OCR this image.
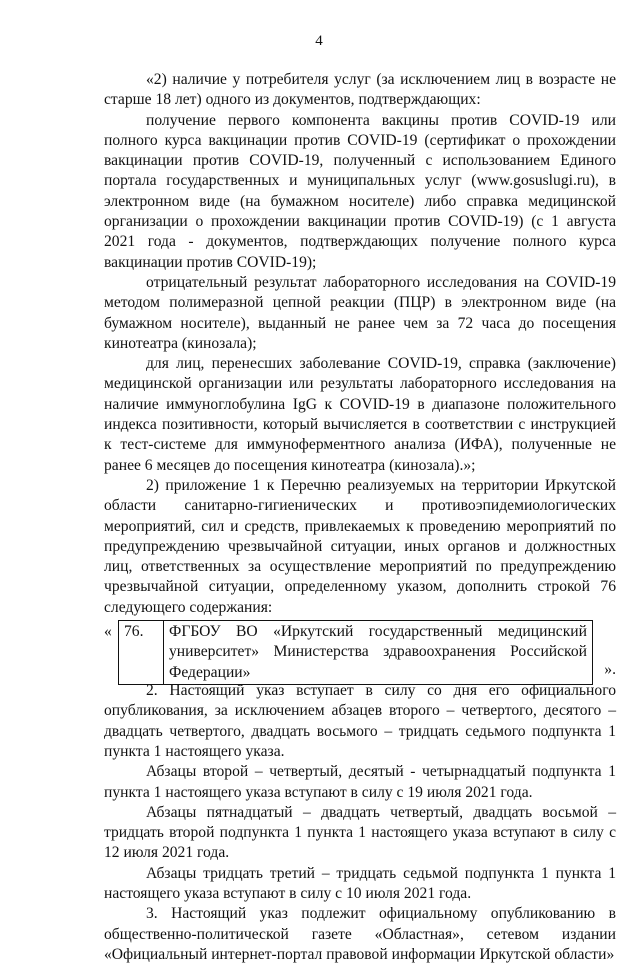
4

«2) наличие у потребителя услуг (за исключением лиц в возрасте не старше 18 лет) одного из документов, подтверждающих:

получение первого компонента вакцины против COVID-19 или полного курса вакцинации против COVID-19 (сертификат о прохождении вакцинации против COVID-19, полученный с использованием Единого портала государственных и муниципальных услуг (www.gosuslugi.ru), в электронном виде (на бумажном носителе) либо справка медицинской организации о прохождении вакцинации против COVID-19) (с 1 августа 2021 года - документов, подтверждающих получение полного курса вакцинации против COVID-19);

отрицательный результат лабораторного исследования на COVID-19 методом полимеразной цепной реакции (ПЦР) в электронном виде (на бумажном носителе), выданный не ранее чем за 72 часа до посещения кинотеатра (кинозала);

для лиц, перенесших заболевание COVID-19, справка (заключение) медицинской организации или результаты лабораторного исследования на наличие иммуноглобулина IgG к COVID-19 в диапазоне положительного индекса позитивности, который вычисляется в соответствии с инструкцией к тест-системе для иммуноферментного анализа (ИФА), полученные не ранее 6 месяцев до посещения кинотеатра (кинозала).»;

2) приложение 1 к Перечню реализуемых на территории Иркутской области санитарно-гигиенических и противоэпидемиологических мероприятий, сил и средств, привлекаемых к проведению мероприятий по предупреждению чрезвычайной ситуации, иных органов и должностных лиц, ответственных за осуществление мероприятий по предупреждению чрезвычайной ситуации, определенному указом, дополнить строкой 76 следующего содержания:

« 76.	ФГБОУ ВО «Иркутский государственный медицинский университет» Министерства здравоохранения Российской Федерации»	».

2. Настоящий указ вступает в силу со дня его официального опубликования, за исключением абзацев второго – четвертого, десятого – двадцать четвертого, двадцать восьмого – тридцать седьмого подпункта 1 пункта 1 настоящего указа.

Абзацы второй – четвертый, десятый - четырнадцатый подпункта 1 пункта 1 настоящего указа вступают в силу с 19 июля 2021 года.

Абзацы пятнадцатый – двадцать четвертый, двадцать восьмой – тридцать второй подпункта 1 пункта 1 настоящего указа вступают в силу с 12 июля 2021 года.

Абзацы тридцать третий – тридцать седьмой подпункта 1 пункта 1 настоящего указа вступают в силу с 10 июля 2021 года.

3. Настоящий указ подлежит официальному опубликованию в общественно-политической газете «Областная», сетевом издании «Официальный интернет-портал правовой информации Иркутской области»
